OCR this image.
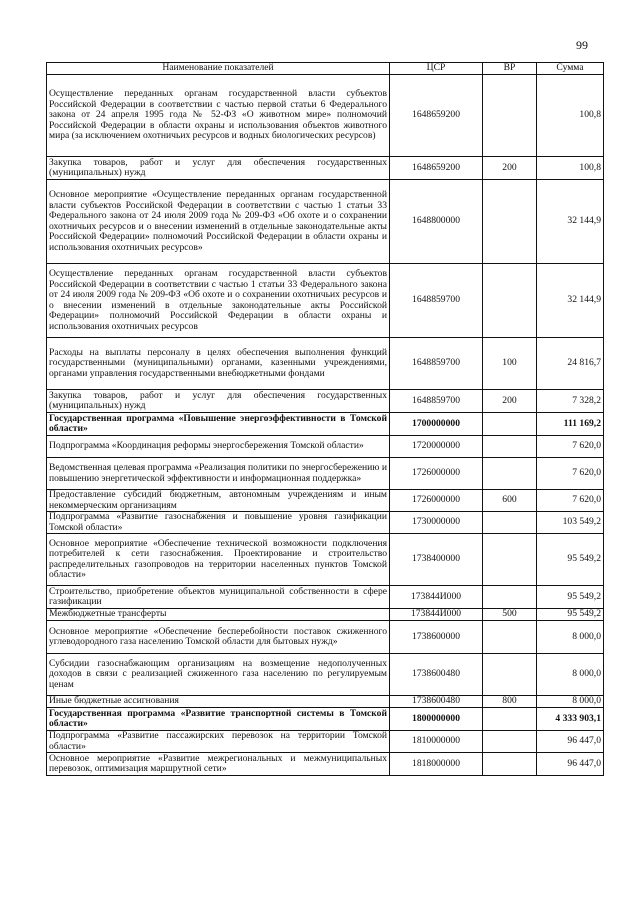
99
Наименование показателей	ЦСР	ВР	Сумма
Осуществление переданных органам государственной власти субъектов Российской Федерации в соответствии с частью первой статьи 6 Федерального закона от 24 апреля 1995 года № 52-ФЗ «О животном мире» полномочий Российской Федерации в области охраны и использования объектов животного мира (за исключением охотничьих ресурсов и водных биологических ресурсов)	1648659200		100,8
Закупка товаров, работ и услуг для обеспечения государственных (муниципальных) нужд	1648659200	200	100,8
Основное мероприятие «Осуществление переданных органам государственной власти субъектов Российской Федерации в соответствии с частью 1 статьи 33 Федерального закона от 24 июля 2009 года № 209-ФЗ «Об охоте и о сохранении охотничьих ресурсов и о внесении изменений в отдельные законодательные акты Российской Федерации» полномочий Российской Федерации в области охраны и использования охотничьих ресурсов»	1648800000		32 144,9
Осуществление переданных органам государственной власти субъектов Российской Федерации в соответствии с частью 1 статьи 33 Федерального закона от 24 июля 2009 года № 209-ФЗ «Об охоте и о сохранении охотничьих ресурсов и о внесении изменений в отдельные законодательные акты Российской Федерации» полномочий Российской Федерации в области охраны и использования охотничьих ресурсов	1648859700		32 144,9
Расходы на выплаты персоналу в целях обеспечения выполнения функций государственными (муниципальными) органами, казенными учреждениями, органами управления государственными внебюджетными фондами	1648859700	100	24 816,7
Закупка товаров, работ и услуг для обеспечения государственных (муниципальных) нужд	1648859700	200	7 328,2
Государственная программа «Повышение энергоэффективности в Томской области»	1700000000		111 169,2
Подпрограмма «Координация реформы энергосбережения Томской области»	1720000000		7 620,0
Ведомственная целевая программа «Реализация политики по энергосбережению и повышению энергетической эффективности и информационная поддержка»	1726000000		7 620,0
Предоставление субсидий бюджетным, автономным учреждениям и иным некоммерческим организациям	1726000000	600	7 620,0
Подпрограмма «Развитие газоснабжения и повышение уровня газификации Томской области»	1730000000		103 549,2
Основное мероприятие «Обеспечение технической возможности подключения потребителей к сети газоснабжения. Проектирование и строительство распределительных газопроводов на территории населенных пунктов Томской области»	1738400000		95 549,2
Строительство, приобретение объектов муниципальной собственности в сфере газификации	173844И000		95 549,2
Межбюджетные трансферты	173844И000	500	95 549,2
Основное мероприятие «Обеспечение бесперебойности поставок сжиженного углеводородного газа населению Томской области для бытовых нужд»	1738600000		8 000,0
Субсидии газоснабжающим организациям на возмещение недополученных доходов в связи с реализацией сжиженного газа населению по регулируемым ценам	1738600480		8 000,0
Иные бюджетные ассигнования	1738600480	800	8 000,0
Государственная программа «Развитие транспортной системы в Томской области»	1800000000		4 333 903,1
Подпрограмма «Развитие пассажирских перевозок на территории Томской области»	1810000000		96 447,0
Основное мероприятие «Развитие межрегиональных и межмуниципальных перевозок, оптимизация маршрутной сети»	1818000000		96 447,0
